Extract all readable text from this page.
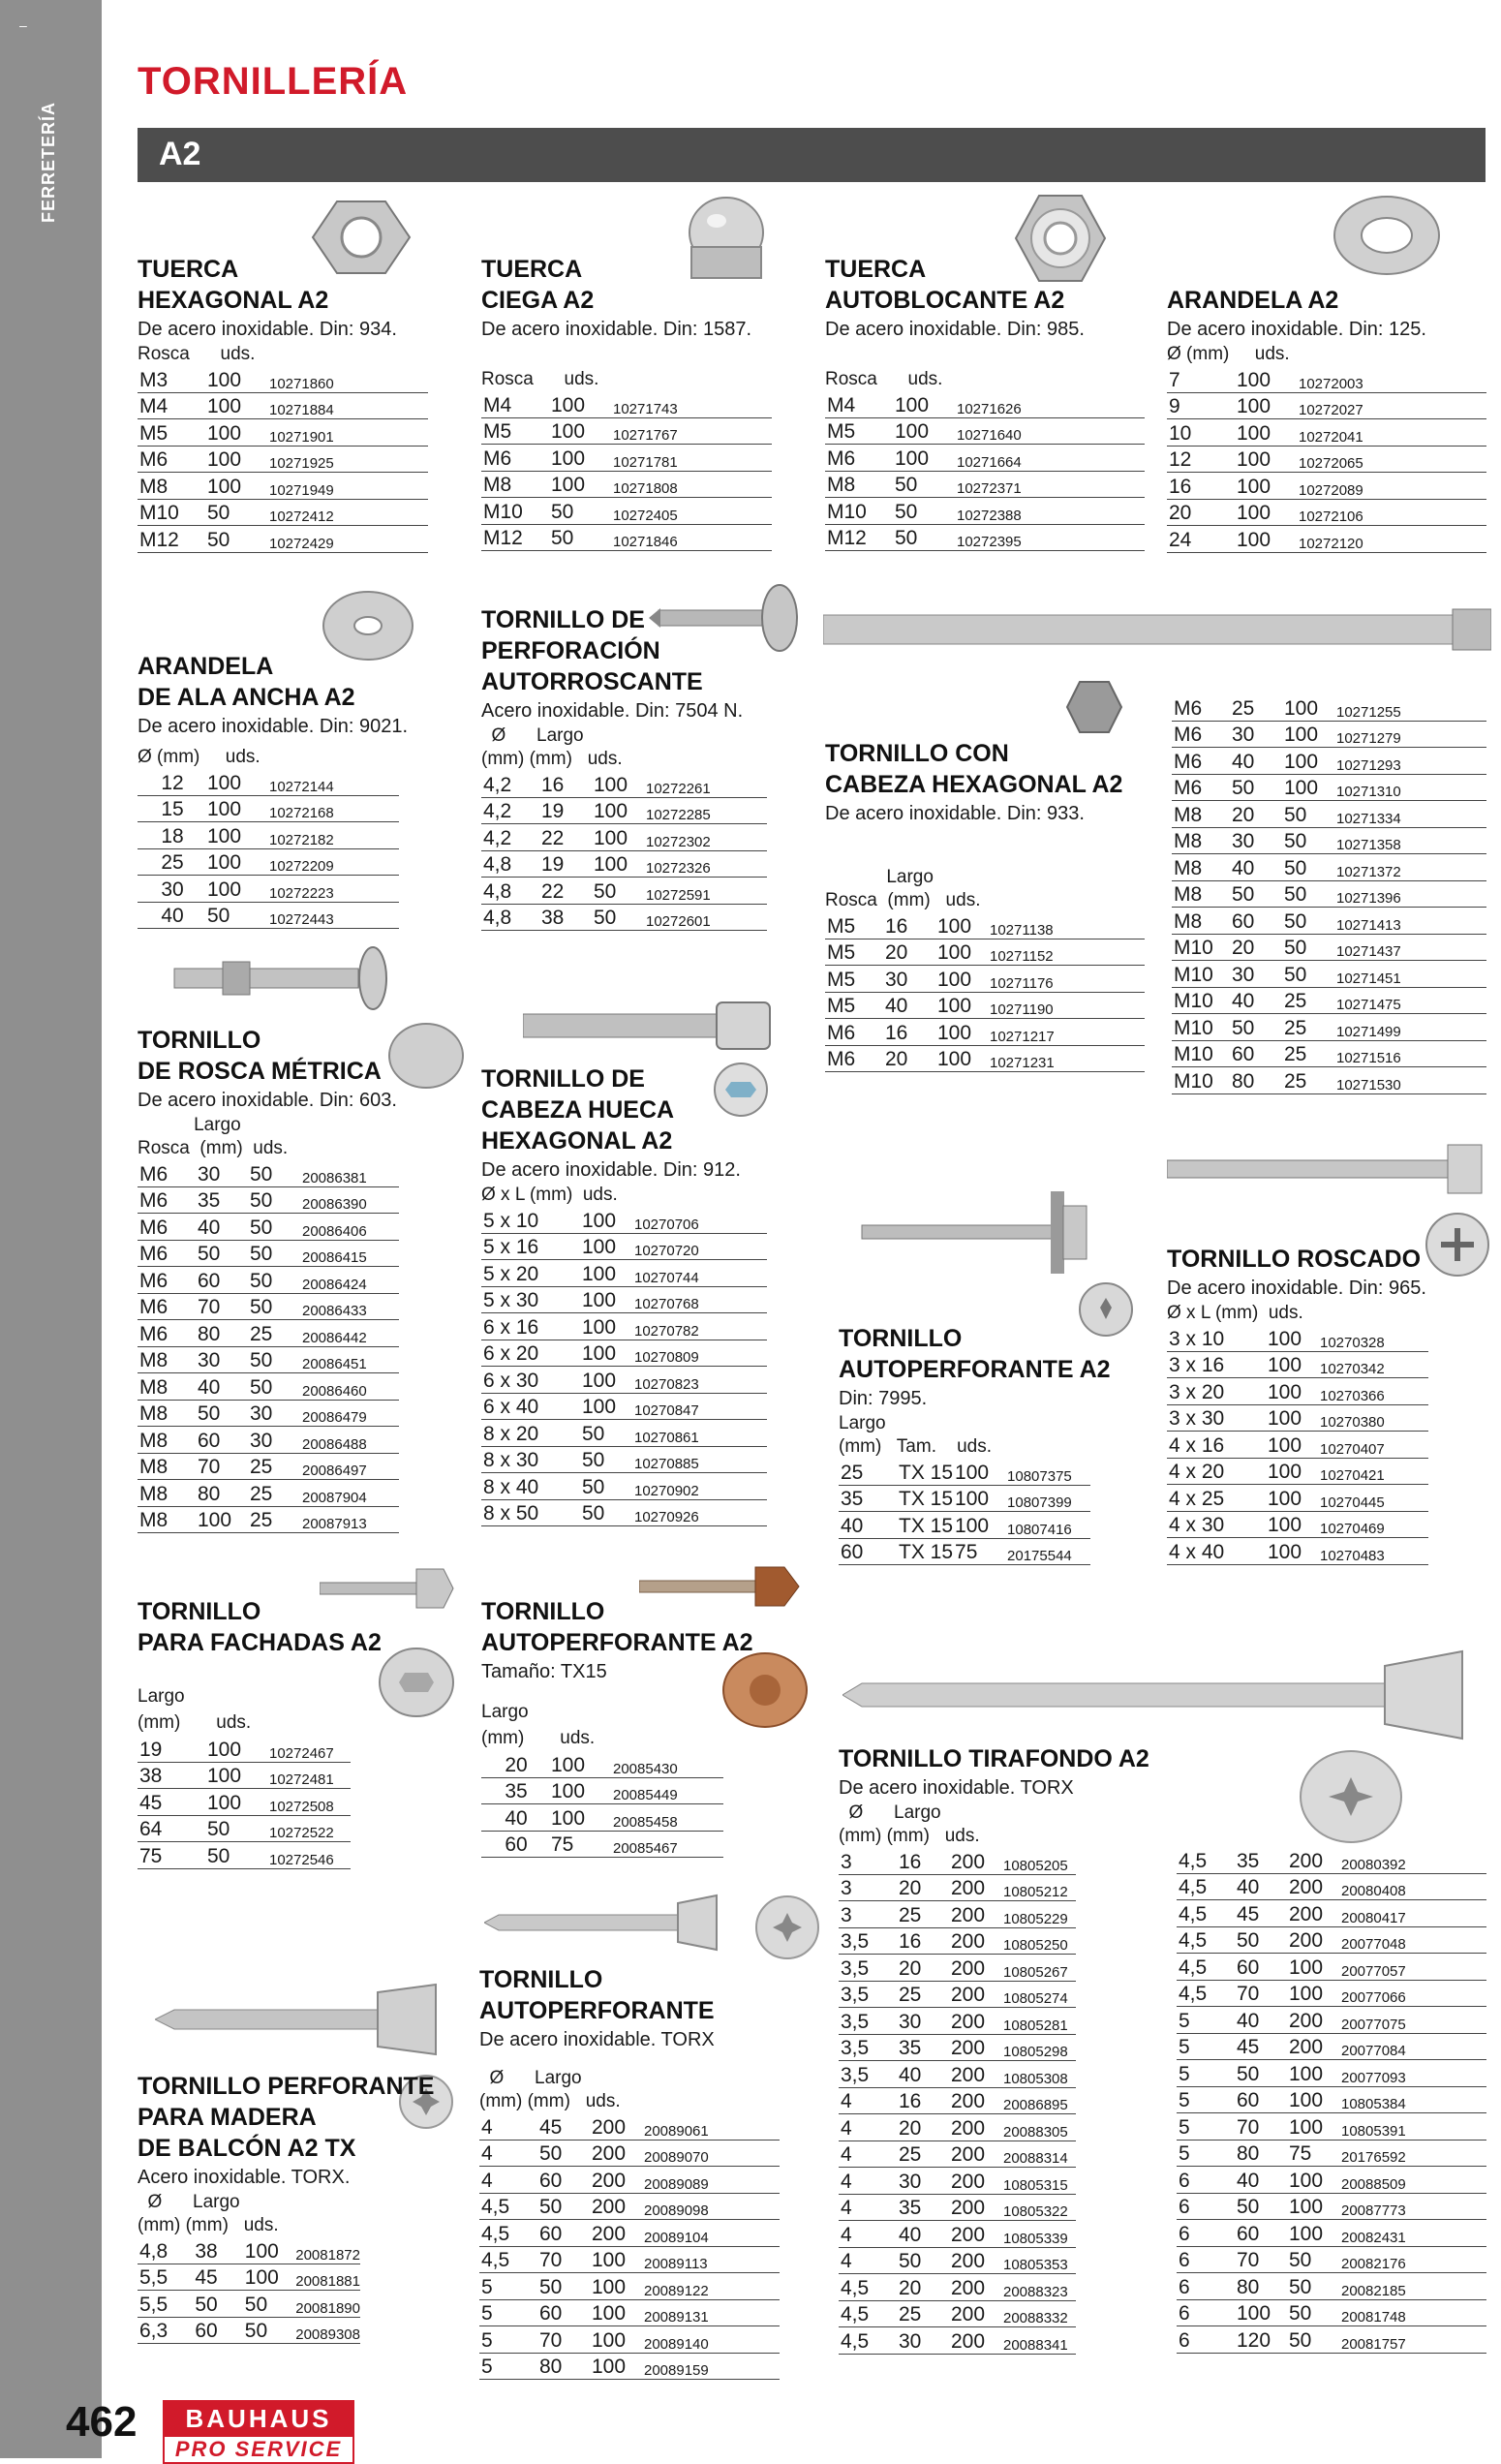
–
FERRETERÍA
TORNILLERÍA
A2
TUERCA
HEXAGONAL A2
De acero inoxidable. Din: 934.
Rosca      uds.
M3	100	10271860
M4	100	10271884
M5	100	10271901
M6	100	10271925
M8	100	10271949
M10	50	10272412
M12	50	10272429
TUERCA
CIEGA A2
De acero inoxidable. Din: 1587.
Rosca      uds.
M4	100	10271743
M5	100	10271767
M6	100	10271781
M8	100	10271808
M10	50	10272405
M12	50	10271846
TUERCA
AUTOBLOCANTE A2
De acero inoxidable. Din: 985.
Rosca      uds.
M4	100	10271626
M5	100	10271640
M6	100	10271664
M8	50	10272371
M10	50	10272388
M12	50	10272395
ARANDELA A2
De acero inoxidable. Din: 125.
Ø (mm)     uds.
7	100	10272003
9	100	10272027
10	100	10272041
12	100	10272065
16	100	10272089
20	100	10272106
24	100	10272120
ARANDELA
DE ALA ANCHA A2
De acero inoxidable. Din: 9021.
Ø (mm)     uds.
12	100	10272144
15	100	10272168
18	100	10272182
25	100	10272209
30	100	10272223
40	50	10272443
TORNILLO DE
PERFORACIÓN
AUTORROSCANTE
Acero inoxidable. Din: 7504 N.
Ø      Largo
(mm) (mm)   uds.
4,2	16	100	10272261
4,2	19	100	10272285
4,2	22	100	10272302
4,8	19	100	10272326
4,8	22	50	10272591
4,8	38	50	10272601
TORNILLO CON
CABEZA HEXAGONAL A2
De acero inoxidable. Din: 933.
Largo
Rosca  (mm)   uds.
M5	16	100	10271138
M5	20	100	10271152
M5	30	100	10271176
M5	40	100	10271190
M6	16	100	10271217
M6	20	100	10271231
M6	25	100	10271255
M6	30	100	10271279
M6	40	100	10271293
M6	50	100	10271310
M8	20	50	10271334
M8	30	50	10271358
M8	40	50	10271372
M8	50	50	10271396
M8	60	50	10271413
M10	20	50	10271437
M10	30	50	10271451
M10	40	25	10271475
M10	50	25	10271499
M10	60	25	10271516
M10	80	25	10271530
TORNILLO
DE ROSCA MÉTRICA
De acero inoxidable. Din: 603.
Largo
Rosca  (mm)  uds.
M6	30	50	20086381
M6	35	50	20086390
M6	40	50	20086406
M6	50	50	20086415
M6	60	50	20086424
M6	70	50	20086433
M6	80	25	20086442
M8	30	50	20086451
M8	40	50	20086460
M8	50	30	20086479
M8	60	30	20086488
M8	70	25	20086497
M8	80	25	20087904
M8	100	25	20087913
TORNILLO DE
CABEZA HUECA
HEXAGONAL A2
De acero inoxidable. Din: 912.
Ø x L (mm)  uds.
5 x 10	100	10270706
5 x 16	100	10270720
5 x 20	100	10270744
5 x 30	100	10270768
6 x 16	100	10270782
6 x 20	100	10270809
6 x 30	100	10270823
6 x 40	100	10270847
8 x 20	50	10270861
8 x 30	50	10270885
8 x 40	50	10270902
8 x 50	50	10270926
TORNILLO
AUTOPERFORANTE A2
Din: 7995.
Largo
(mm)   Tam.    uds.
25	TX 15	100	10807375
35	TX 15	100	10807399
40	TX 15	100	10807416
60	TX 15	75	20175544
TORNILLO ROSCADO
De acero inoxidable. Din: 965.
Ø x L (mm)  uds.
3 x 10	100	10270328
3 x 16	100	10270342
3 x 20	100	10270366
3 x 30	100	10270380
4 x 16	100	10270407
4 x 20	100	10270421
4 x 25	100	10270445
4 x 30	100	10270469
4 x 40	100	10270483
TORNILLO
PARA FACHADAS A2
Largo
(mm)       uds.
19	100	10272467
38	100	10272481
45	100	10272508
64	50	10272522
75	50	10272546
TORNILLO
AUTOPERFORANTE A2
Tamaño: TX15
Largo
(mm)       uds.
20	100	20085430
35	100	20085449
40	100	20085458
60	75	20085467
TORNILLO TIRAFONDO A2
De acero inoxidable. TORX
Ø      Largo
(mm) (mm)   uds.
3	16	200	10805205
3	20	200	10805212
3	25	200	10805229
3,5	16	200	10805250
3,5	20	200	10805267
3,5	25	200	10805274
3,5	30	200	10805281
3,5	35	200	10805298
3,5	40	200	10805308
4	16	200	20086895
4	20	200	20088305
4	25	200	20088314
4	30	200	10805315
4	35	200	10805322
4	40	200	10805339
4	50	200	10805353
4,5	20	200	20088323
4,5	25	200	20088332
4,5	30	200	20088341
4,5	35	200	20080392
4,5	40	200	20080408
4,5	45	200	20080417
4,5	50	200	20077048
4,5	60	100	20077057
4,5	70	100	20077066
5	40	200	20077075
5	45	200	20077084
5	50	100	20077093
5	60	100	10805384
5	70	100	10805391
5	80	75	20176592
6	40	100	20088509
6	50	100	20087773
6	60	100	20082431
6	70	50	20082176
6	80	50	20082185
6	100	50	20081748
6	120	50	20081757
TORNILLO PERFORANTE
PARA MADERA
DE BALCÓN A2 TX
Acero inoxidable. TORX.
Ø      Largo
(mm) (mm)   uds.
4,8	38	100	20081872
5,5	45	100	20081881
5,5	50	50	20081890
6,3	60	50	20089308
TORNILLO AUTOPERFORANTE
De acero inoxidable. TORX
Ø      Largo
(mm) (mm)   uds.
4	45	200	20089061
4	50	200	20089070
4	60	200	20089089
4,5	50	200	20089098
4,5	60	200	20089104
4,5	70	100	20089113
5	50	100	20089122
5	60	100	20089131
5	70	100	20089140
5	80	100	20089159
462	BAUHAUS
PRO SERVICE
